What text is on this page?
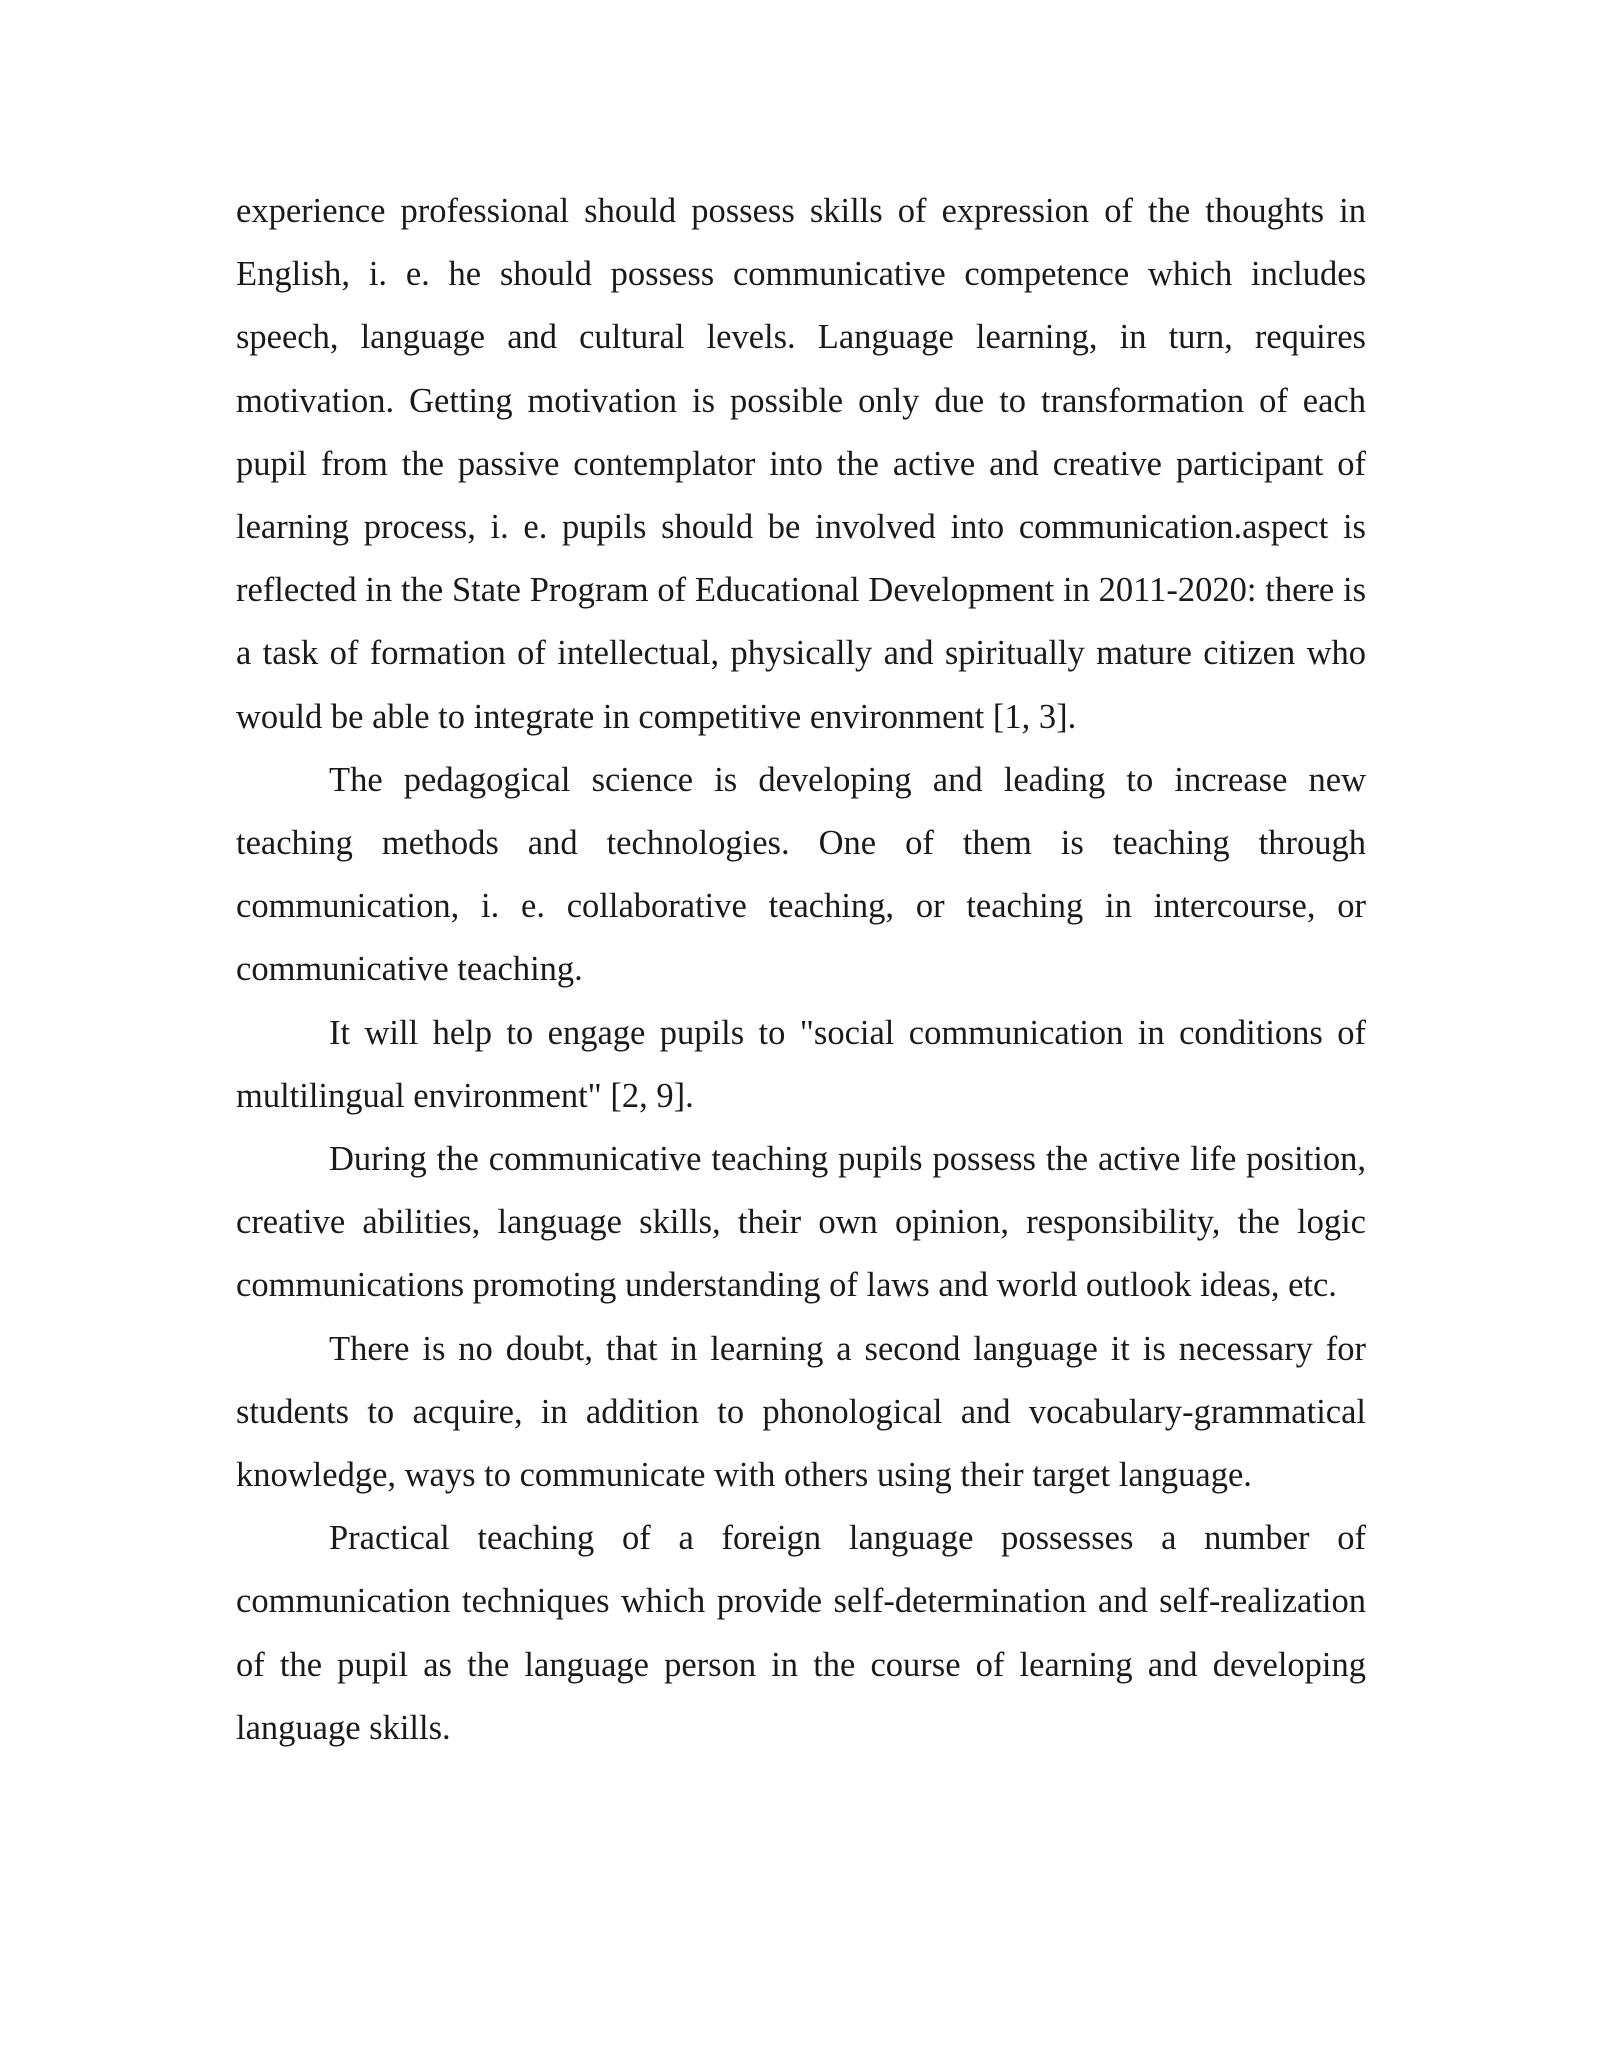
experience professional should possess skills of expression of the thoughts in English, i. e. he should possess communicative competence which includes speech, language and cultural levels. Language learning, in turn, requires motivation. Getting motivation is possible only due to transformation of each pupil from the passive contemplator into the active and creative participant of learning process, i. e. pupils should be involved into communication.aspect is reflected in the State Program of Educational Development in 2011-2020: there is a task of formation of intellectual, physically and spiritually mature citizen who would be able to integrate in competitive environment [1, 3].

The pedagogical science is developing and leading to increase new teaching methods and technologies. One of them is teaching through communication, i. e. collaborative teaching, or teaching in intercourse, or communicative teaching.

It will help to engage pupils to "social communication in conditions of multilingual environment" [2, 9].

During the communicative teaching pupils possess the active life position, creative abilities, language skills, their own opinion, responsibility, the logic communications promoting understanding of laws and world outlook ideas, etc.

There is no doubt, that in learning a second language it is necessary for students to acquire, in addition to phonological and vocabulary-grammatical knowledge, ways to communicate with others using their target language.

Practical teaching of a foreign language possesses a number of communication techniques which provide self-determination and self-realization of the pupil as the language person in the course of learning and developing language skills.
